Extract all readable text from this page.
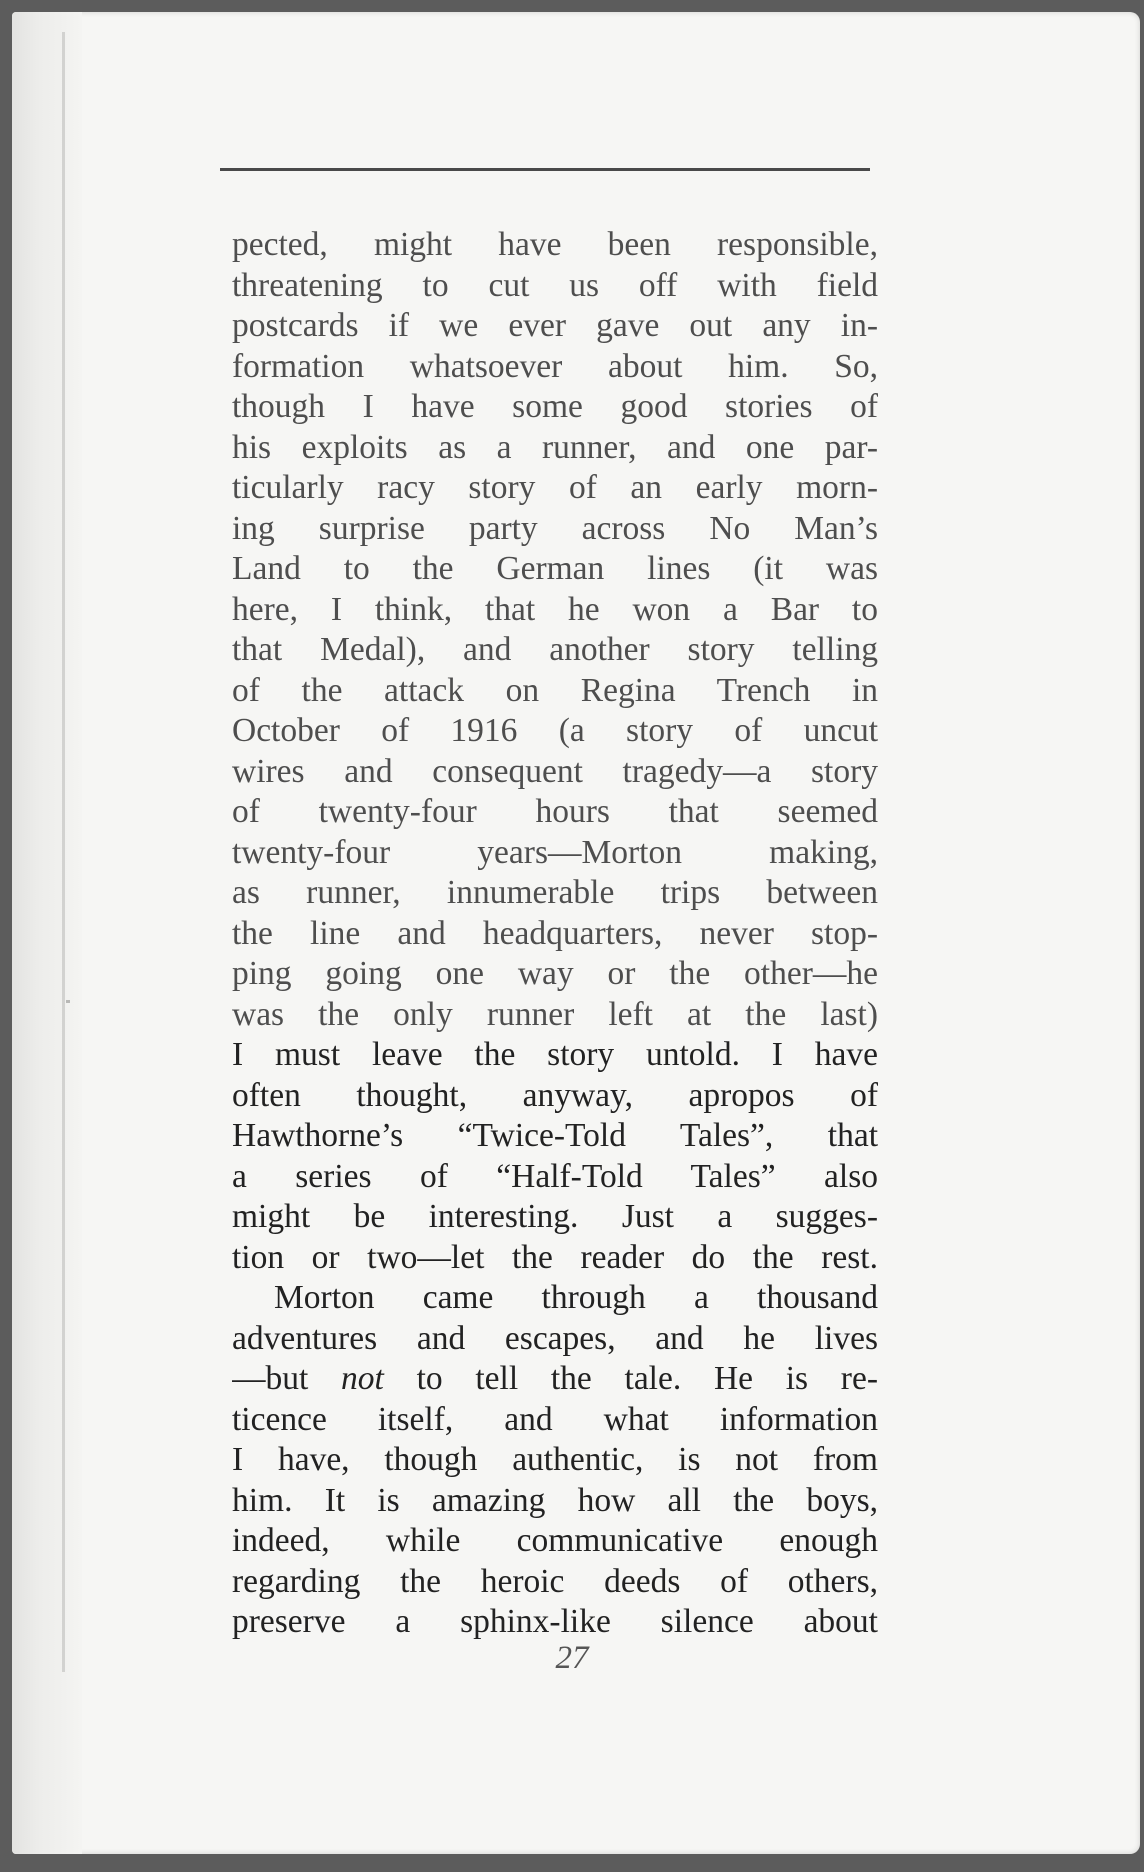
pected, might have been responsible,
threatening to cut us off with field
postcards if we ever gave out any in-
formation whatsoever about him. So,
though I have some good stories of
his exploits as a runner, and one par-
ticularly racy story of an early morn-
ing surprise party across No Man’s
Land to the German lines (it was
here, I think, that he won a Bar to
that Medal), and another story telling
of the attack on Regina Trench in
October of 1916 (a story of uncut
wires and consequent tragedy—a story
of twenty-four hours that seemed
twenty-four years—Morton making,
as runner, innumerable trips between
the line and headquarters, never stop-
ping going one way or the other—he
was the only runner left at the last)
I must leave the story untold. I have
often thought, anyway, apropos of
Hawthorne’s “Twice-Told Tales”, that
a series of “Half-Told Tales” also
might be interesting. Just a sugges-
tion or two—let the reader do the rest.
Morton came through a thousand
adventures and escapes, and he lives
—but not to tell the tale. He is re-
ticence itself, and what information
I have, though authentic, is not from
him. It is amazing how all the boys,
indeed, while communicative enough
regarding the heroic deeds of others,
preserve a sphinx-like silence about
27
